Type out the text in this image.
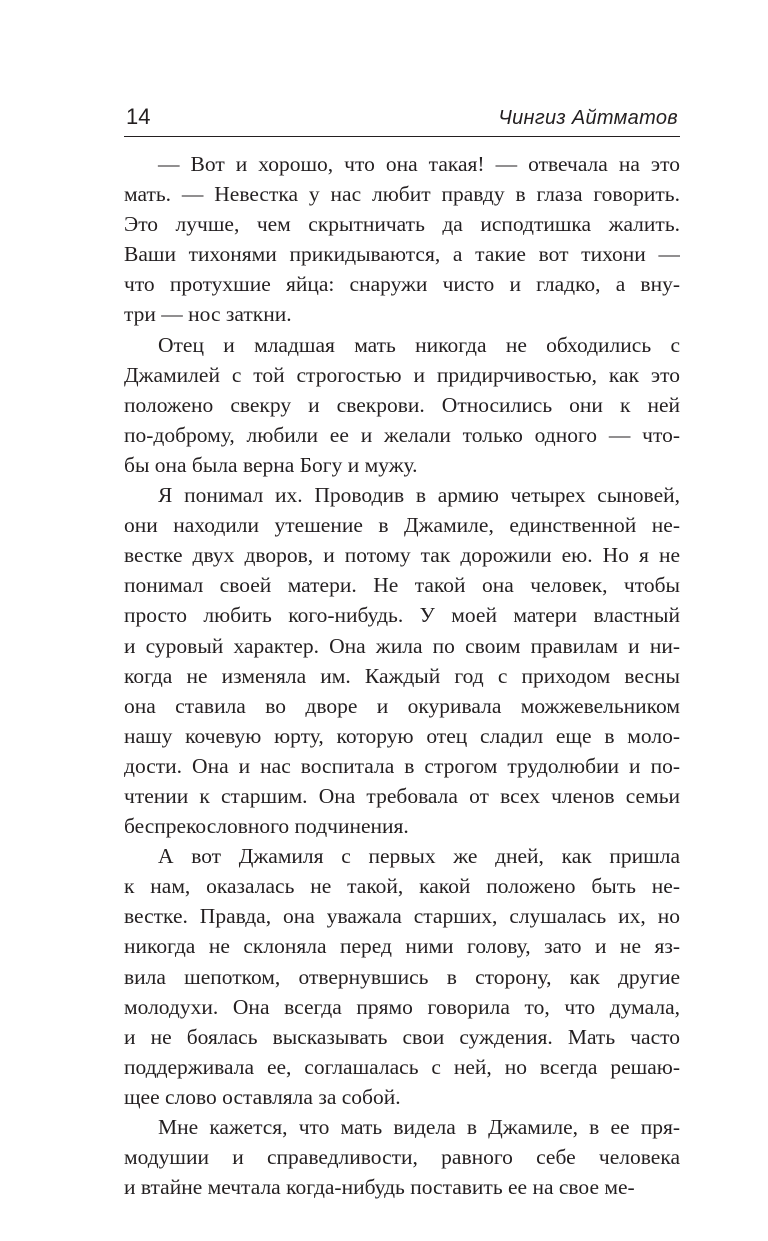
14	Чингиз Айтматов
— Вот и хорошо, что она такая! — отвечала на это
мать. — Невестка у нас любит правду в глаза говорить.
Это лучше, чем скрытничать да исподтишка жалить.
Ваши тихонями прикидываются, а такие вот тихони —
что протухшие яйца: снаружи чисто и гладко, а вну-
три — нос заткни.
Отец и младшая мать никогда не обходились с
Джамилей с той строгостью и придирчивостью, как это
положено свекру и свекрови. Относились они к ней
по-доброму, любили ее и желали только одного — что-
бы она была верна Богу и мужу.
Я понимал их. Проводив в армию четырех сыновей,
они находили утешение в Джамиле, единственной не-
вестке двух дворов, и потому так дорожили ею. Но я не
понимал своей матери. Не такой она человек, чтобы
просто любить кого-нибудь. У моей матери властный
и суровый характер. Она жила по своим правилам и ни-
когда не изменяла им. Каждый год с приходом весны
она ставила во дворе и окуривала можжевельником
нашу кочевую юрту, которую отец сладил еще в моло-
дости. Она и нас воспитала в строгом трудолюбии и по-
чтении к старшим. Она требовала от всех членов семьи
беспрекословного подчинения.
А вот Джамиля с первых же дней, как пришла
к нам, оказалась не такой, какой положено быть не-
вестке. Правда, она уважала старших, слушалась их, но
никогда не склоняла перед ними голову, зато и не яз-
вила шепотком, отвернувшись в сторону, как другие
молодухи. Она всегда прямо говорила то, что думала,
и не боялась высказывать свои суждения. Мать часто
поддерживала ее, соглашалась с ней, но всегда решаю-
щее слово оставляла за собой.
Мне кажется, что мать видела в Джамиле, в ее пря-
модушии и справедливости, равного себе человека
и втайне мечтала когда-нибудь поставить ее на свое ме-
